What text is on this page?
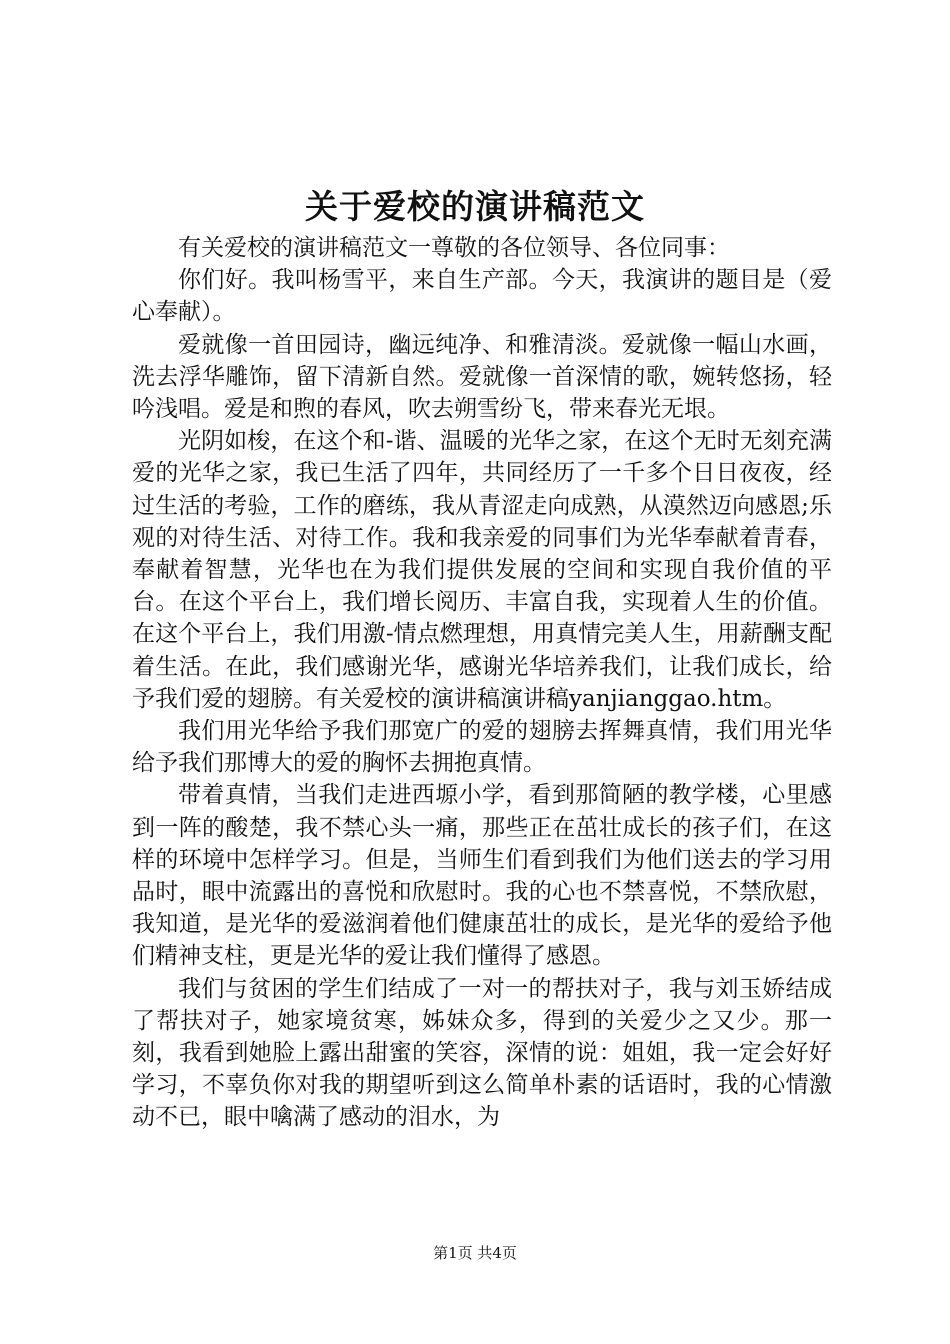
关于爱校的演讲稿范文

有关爱校的演讲稿范文一尊敬的各位领导、各位同事：

你们好。我叫杨雪平，来自生产部。今天，我演讲的题目是（爱心奉献）。

爱就像一首田园诗，幽远纯净、和雅清淡。爱就像一幅山水画，洗去浮华雕饰，留下清新自然。爱就像一首深情的歌，婉转悠扬，轻吟浅唱。爱是和煦的春风，吹去朔雪纷飞，带来春光无垠。

光阴如梭，在这个和-谐、温暖的光华之家，在这个无时无刻充满爱的光华之家，我已生活了四年，共同经历了一千多个日日夜夜，经过生活的考验，工作的磨练，我从青涩走向成熟，从漠然迈向感恩;乐观的对待生活、对待工作。我和我亲爱的同事们为光华奉献着青春，奉献着智慧，光华也在为我们提供发展的空间和实现自我价值的平台。在这个平台上，我们增长阅历、丰富自我，实现着人生的价值。在这个平台上，我们用激-情点燃理想，用真情完美人生，用薪酬支配着生活。在此，我们感谢光华，感谢光华培养我们，让我们成长，给予我们爱的翅膀。有关爱校的演讲稿演讲稿yanjianggao.htm。

我们用光华给予我们那宽广的爱的翅膀去挥舞真情，我们用光华给予我们那博大的爱的胸怀去拥抱真情。

带着真情，当我们走进西塬小学，看到那简陋的教学楼，心里感到一阵的酸楚，我不禁心头一痛，那些正在茁壮成长的孩子们，在这样的环境中怎样学习。但是，当师生们看到我们为他们送去的学习用品时，眼中流露出的喜悦和欣慰时。我的心也不禁喜悦，不禁欣慰，我知道，是光华的爱滋润着他们健康茁壮的成长，是光华的爱给予他们精神支柱，更是光华的爱让我们懂得了感恩。

我们与贫困的学生们结成了一对一的帮扶对子，我与刘玉娇结成了帮扶对子，她家境贫寒，姊妹众多，得到的关爱少之又少。那一刻，我看到她脸上露出甜蜜的笑容，深情的说：姐姐，我一定会好好学习，不辜负你对我的期望听到这么简单朴素的话语时，我的心情激动不已，眼中噙满了感动的泪水，为

第1页 共4页
